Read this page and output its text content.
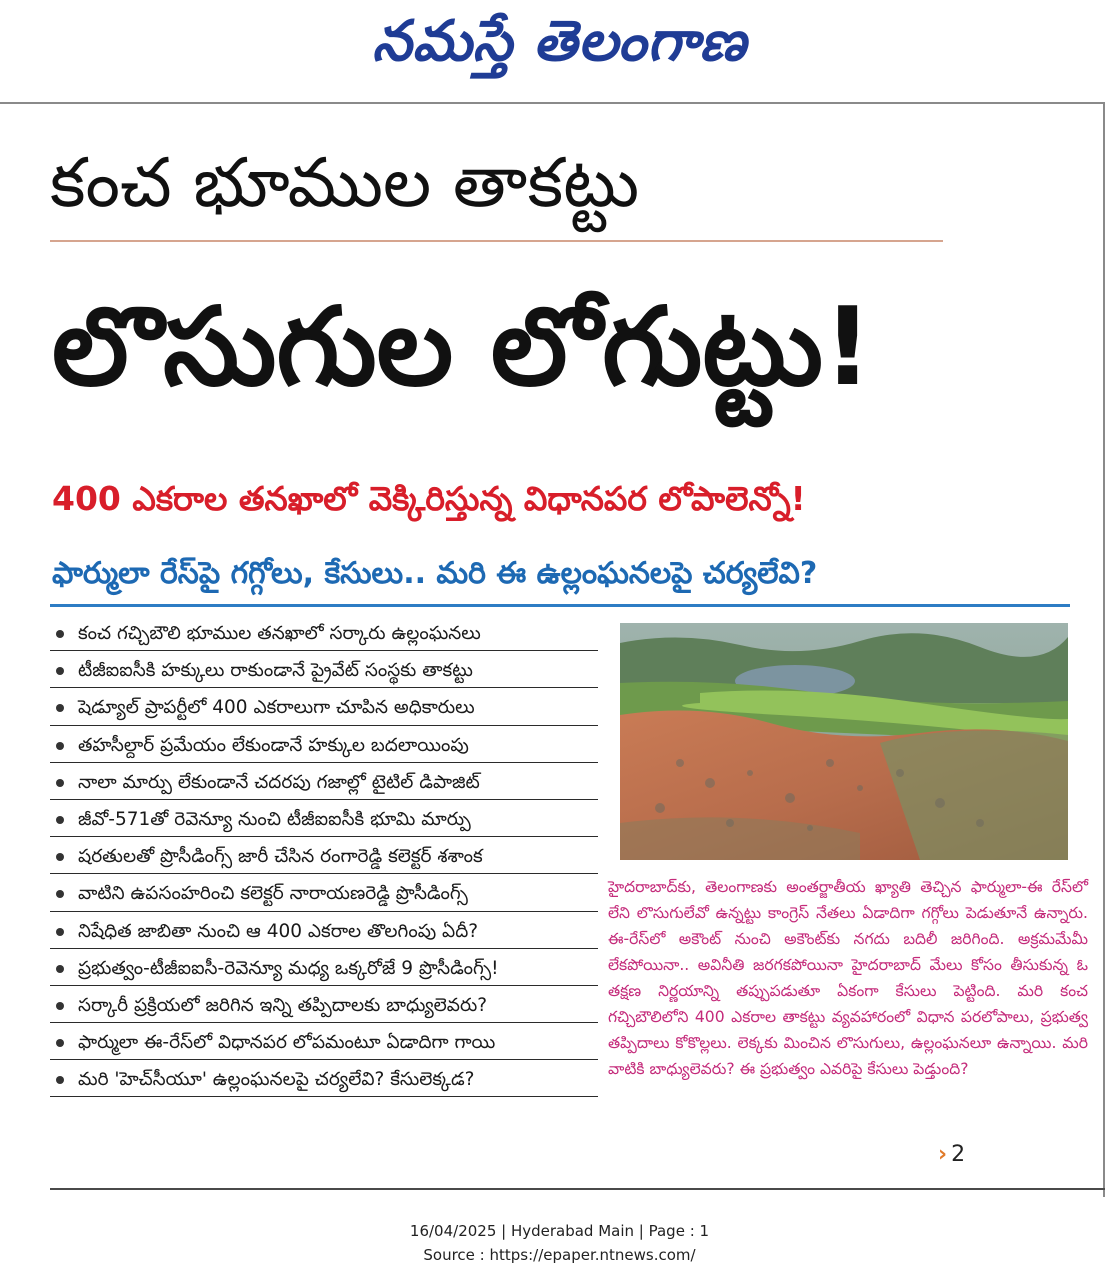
నమస్తే తెలంగాణ
కంచ భూముల తాకట్టు
లొసుగుల లోగుట్టు!
400 ఎకరాల తనఖాలో వెక్కిరిస్తున్న విధానపర లోపాలెన్నో!
ఫార్ములా రేస్‌పై గగ్గోలు, కేసులు.. మరి ఈ ఉల్లంఘనలపై చర్యలేవి?
కంచ గచ్చిబౌలి భూముల తనఖాలో సర్కారు ఉల్లంఘనలు
టీజీఐఐసీకి హక్కులు రాకుండానే ప్రైవేట్ సంస్థకు తాకట్టు
షెడ్యూల్ ప్రాపర్టీలో 400 ఎకరాలుగా చూపిన అధికారులు
తహసీల్దార్ ప్రమేయం లేకుండానే హక్కుల బదలాయింపు
నాలా మార్పు లేకుండానే చదరపు గజాల్లో టైటిల్ డిపాజిట్
జీవో-571తో రెవెన్యూ నుంచి టీజీఐఐసీకి భూమి మార్పు
షరతులతో ప్రొసీడింగ్స్ జారీ చేసిన రంగారెడ్డి కలెక్టర్ శశాంక
వాటిని ఉపసంహరించి కలెక్టర్ నారాయణరెడ్డి ప్రొసీడింగ్స్
నిషేధిత జాబితా నుంచి ఆ 400 ఎకరాల తొలగింపు ఏదీ?
ప్రభుత్వం-టీజీఐఐసీ-రెవెన్యూ మధ్య ఒక్కరోజే 9 ప్రొసీడింగ్స్!
సర్కారీ ప్రక్రియలో జరిగిన ఇన్ని తప్పిదాలకు బాధ్యులెవరు?
ఫార్ములా ఈ-రేస్‌లో విధానపర లోపమంటూ ఏడాదిగా గాయి
మరి 'హెచ్‌సీయూ' ఉల్లంఘనలపై చర్యలేవి? కేసులెక్కడ?
హైదరాబాద్‌కు, తెలంగాణకు అంతర్జాతీయ ఖ్యాతి తెచ్చిన ఫార్ములా-ఈ రేస్‌లో లేని లొసుగులేవో ఉన్నట్టు కాంగ్రెస్ నేతలు ఏడాదిగా గగ్గోలు పెడుతూనే ఉన్నారు. ఈ-రేస్‌లో అకౌంట్ నుంచి అకౌంట్‌కు నగదు బదిలీ జరిగింది. అక్రమమేమీ లేకపోయినా.. అవినీతి జరగకపోయినా హైదరాబాద్ మేలు కోసం తీసుకున్న ఓ తక్షణ నిర్ణయాన్ని తప్పుపడుతూ ఏకంగా కేసులు పెట్టింది. మరి కంచ గచ్చిబౌలిలోని 400 ఎకరాల తాకట్టు వ్యవహారంలో విధాన పరలోపాలు, ప్రభుత్వ తప్పిదాలు కోకొల్లలు. లెక్కకు మించిన లొసుగులు, ఉల్లంఘనలూ ఉన్నాయి. మరి వాటికి బాధ్యులెవరు? ఈ ప్రభుత్వం ఎవరిపై కేసులు పెడ్తుంది?
› 2
16/04/2025 | Hyderabad Main | Page : 1
Source : https://epaper.ntnews.com/
